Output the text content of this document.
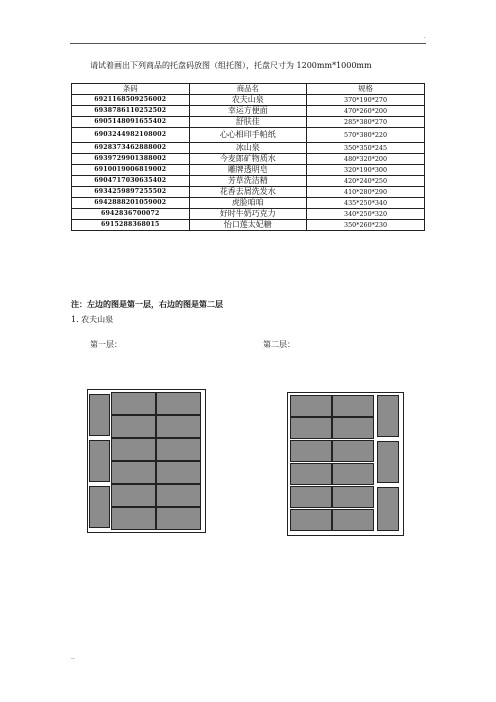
.
请试着画出下列商品的托盘码放图（组托图），托盘尺寸为 1200mm*1000mm
条码	商品名	规格
6921168509256002	农夫山泉	370*190*270
6938786110252502	幸运方便面	470*260*200
6905148091655402	舒肤佳	285*380*270
6903244982108002	心心相印手帕纸	570*380*220
6928373462888002	冰山泉	350*350*245
6939729901388002	今麦郎矿物质水	480*320*200
6910019006819002	雕牌透明皂	320*190*300
6904717030635402	芳草洗洁精	420*240*250
6934259897255502	花香去屑洗发水	410*280*290
6942888201059002	虎脸咱咱	435*250*340
6942836700072	好时牛奶巧克力	340*250*320
6915288368015	怡口莲太妃糖	350*260*230
注：左边的图是第一层，右边的图是第二层
1. 农夫山泉
第一层：	第二层：
..
